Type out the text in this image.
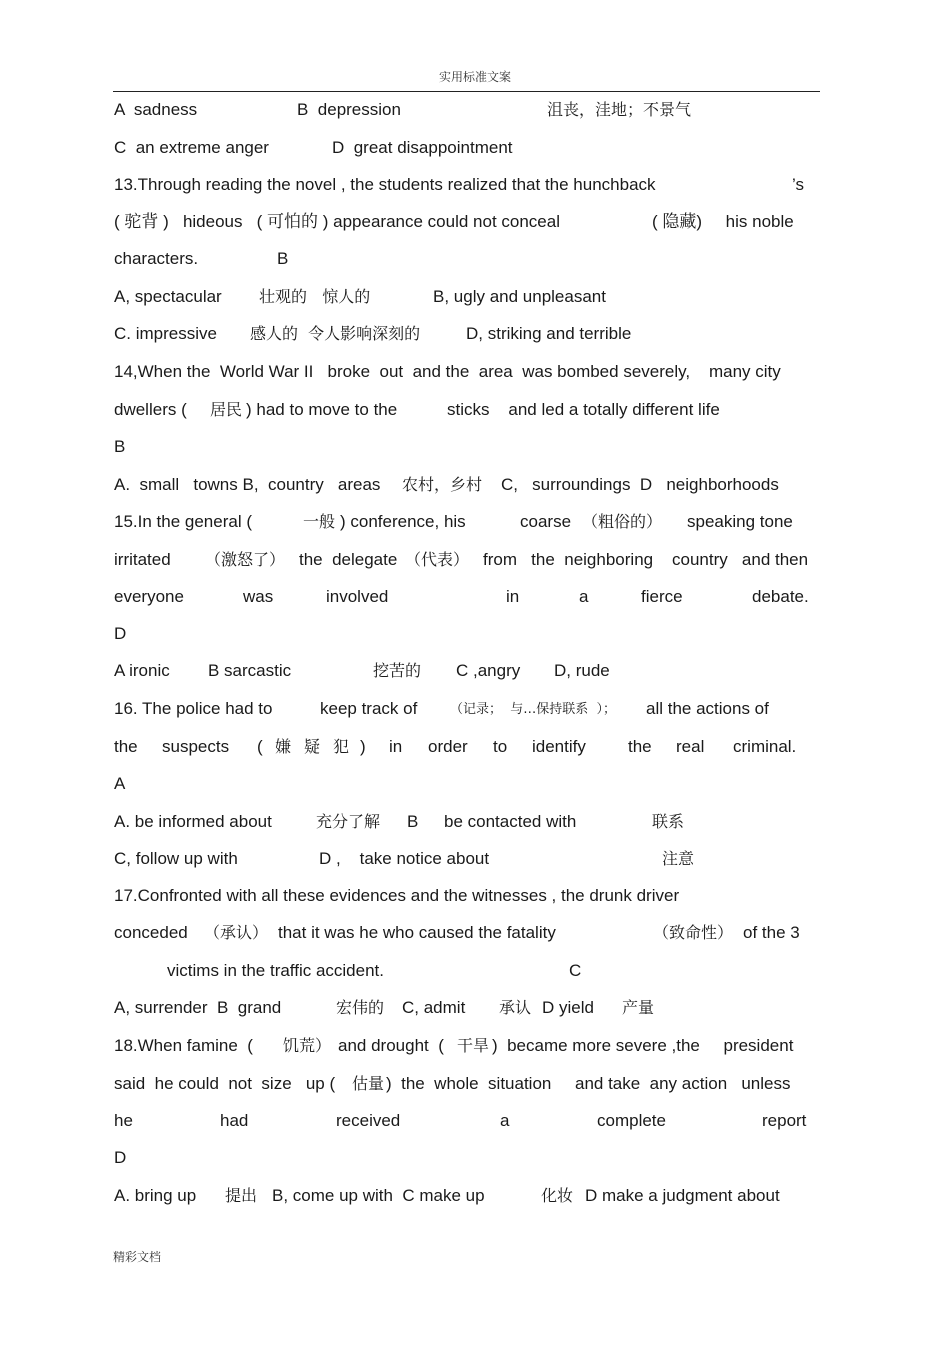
实用标准文案
A  sadness	B  depression	沮丧，洼地；不景气
C  an extreme anger	D  great disappointment
13.Through reading the novel , the students realized that the hunchback	’s
( 驼背 )   hideous   ( 可怕的 ) appearance could not conceal	( 隐藏)     his noble
characters.	B
A, spectacular 壮观的   惊人的	B, ugly and unpleasant
C. impressive 感人的  令人影响深刻的	D, striking and terrible
14,When the  World War II   broke  out  and the  area  was bombed severely,    many city
dwellers ( 居民 ) had to move to the	sticks    and led a totally different life
B
A.  small   towns B,  country   areas 农村，乡村 C,   surroundings  D   neighborhoods
15.In the general (	一般 ) conference, his	coarse （粗俗的） speaking tone
irritated （激怒了） the  delegate （代表） from   the  neighboring    country   and then
everyone	was	involved	in	a	fierce	debate.
D
A ironic B sarcastic	挖苦的 C ,angry D, rude
16. The police had to	keep track of	（记录；  与…保持联系  ）； all the actions of
the suspects ( 嫌 疑 犯 ) in order to identify the real criminal.
A
A. be informed about	充分了解 B be contacted with	联系
C, follow up with	D ,    take notice about	注意
17.Confronted with all these evidences and the witnesses , the drunk driver
conceded （承认） that it was he who caused the fatality	（致命性） of the 3
victims in the traffic accident.	C
A, surrender  B  grand	宏伟的 C, admit 承认 D yield 产量
18.When famine  ( 饥荒） and drought  ( 干旱 )  became more severe ,the     president
said  he could  not  size   up ( 估量 )  the  whole  situation     and take  any action   unless
he	had	received	a	complete	report
D
A. bring up 提出 B, come up with  C make up	化妆 D make a judgment about
精彩文档
